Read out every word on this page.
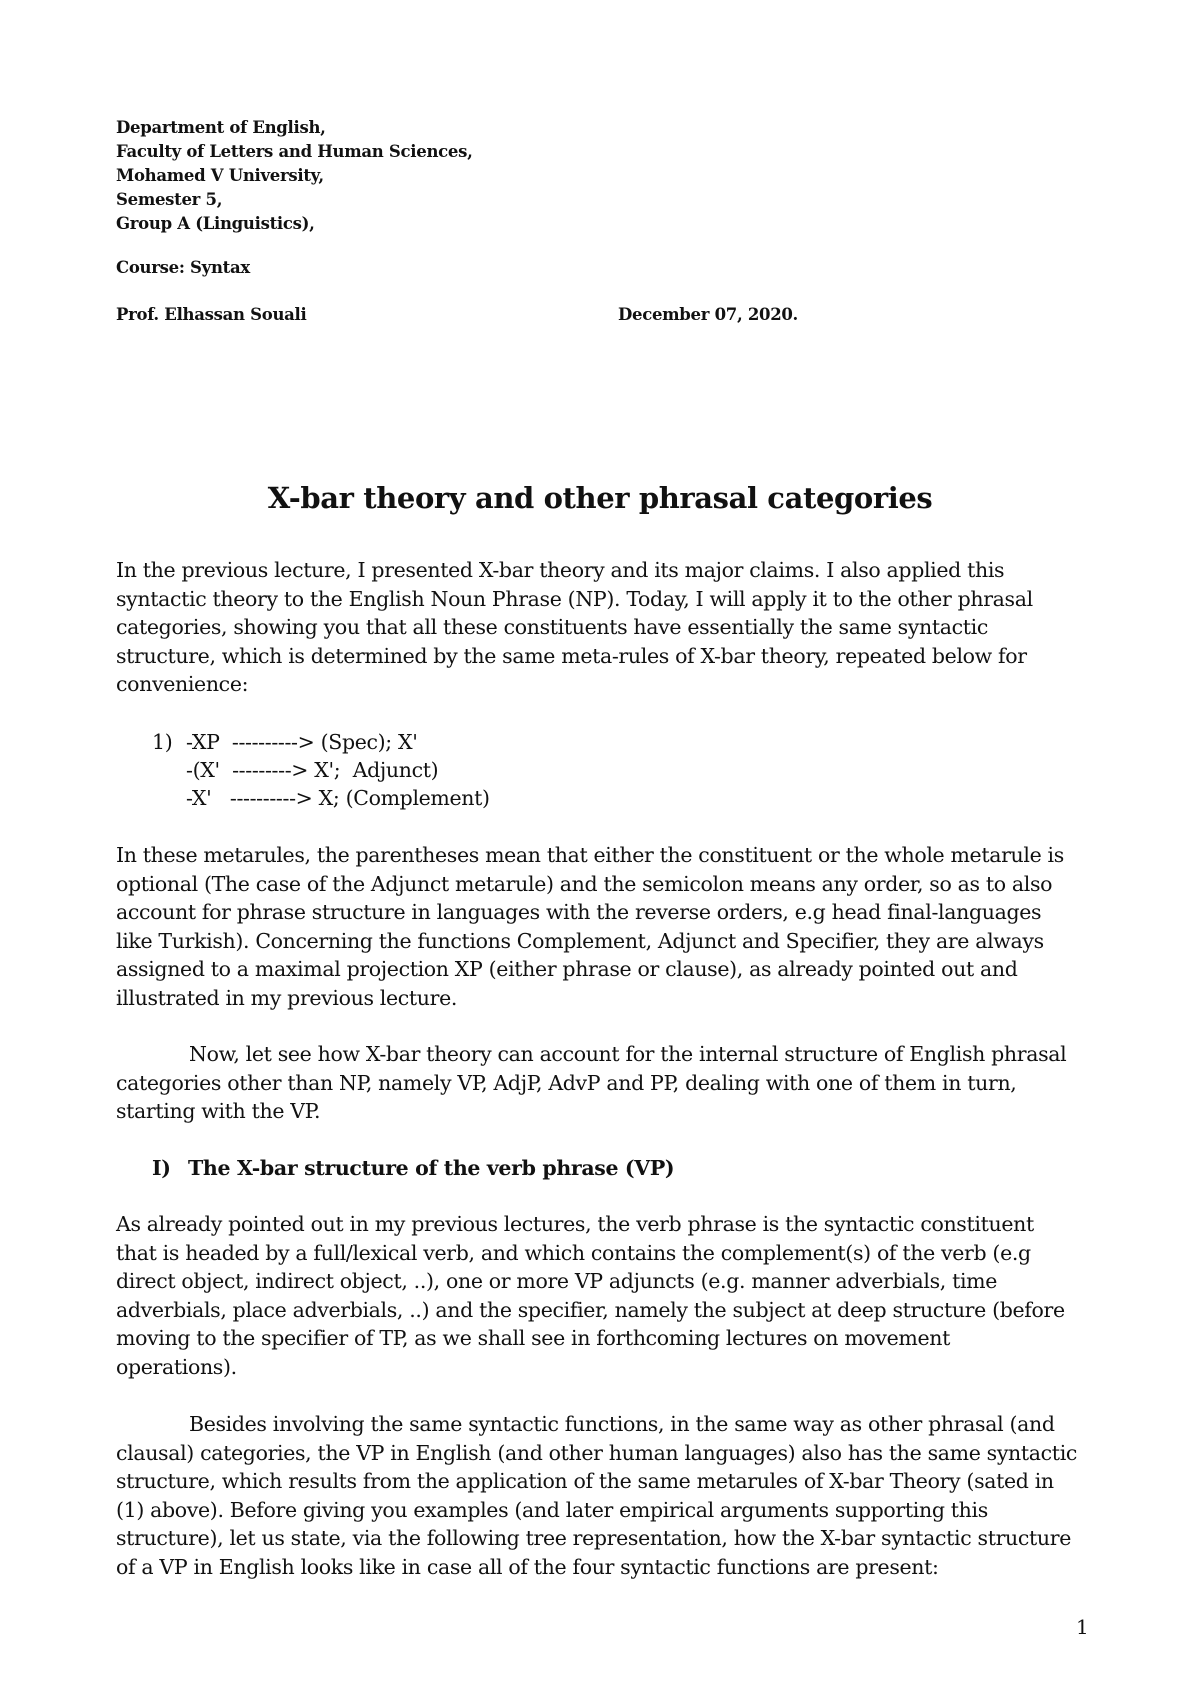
Department of English,
Faculty of Letters and Human Sciences,
Mohamed V University,
Semester 5,
Group A (Linguistics),
Course: Syntax
Prof. Elhassan Souali	December 07, 2020.
X-bar theory and other phrasal categories
In the previous lecture, I presented X-bar theory and its major claims. I also applied this
syntactic theory to the English Noun Phrase (NP). Today, I will apply it to the other phrasal
categories, showing you that all these constituents have essentially the same syntactic
structure, which is determined by the same meta-rules of X-bar theory, repeated below for
convenience:
1) -XP  ----------> (Spec); X'
-(X'  ---------> X';  Adjunct)
-X'   ----------> X; (Complement)
In these metarules, the parentheses mean that either the constituent or the whole metarule is
optional (The case of the Adjunct metarule) and the semicolon means any order, so as to also
account for phrase structure in languages with the reverse orders, e.g head final-languages
like Turkish). Concerning the functions Complement, Adjunct and Specifier, they are always
assigned to a maximal projection XP (either phrase or clause), as already pointed out and
illustrated in my previous lecture.
Now, let see how X-bar theory can account for the internal structure of English phrasal
categories other than NP, namely VP, AdjP, AdvP and PP, dealing with one of them in turn,
starting with the VP.
I) The X-bar structure of the verb phrase (VP)
As already pointed out in my previous lectures, the verb phrase is the syntactic constituent
that is headed by a full/lexical verb, and which contains the complement(s) of the verb (e.g
direct object, indirect object, ..), one or more VP adjuncts (e.g. manner adverbials, time
adverbials, place adverbials, ..) and the specifier, namely the subject at deep structure (before
moving to the specifier of TP, as we shall see in forthcoming lectures on movement
operations).
Besides involving the same syntactic functions, in the same way as other phrasal (and
clausal) categories, the VP in English (and other human languages) also has the same syntactic
structure, which results from the application of the same metarules of X-bar Theory (sated in
(1) above). Before giving you examples (and later empirical arguments supporting this
structure), let us state, via the following tree representation, how the X-bar syntactic structure
of a VP in English looks like in case all of the four syntactic functions are present:
1
